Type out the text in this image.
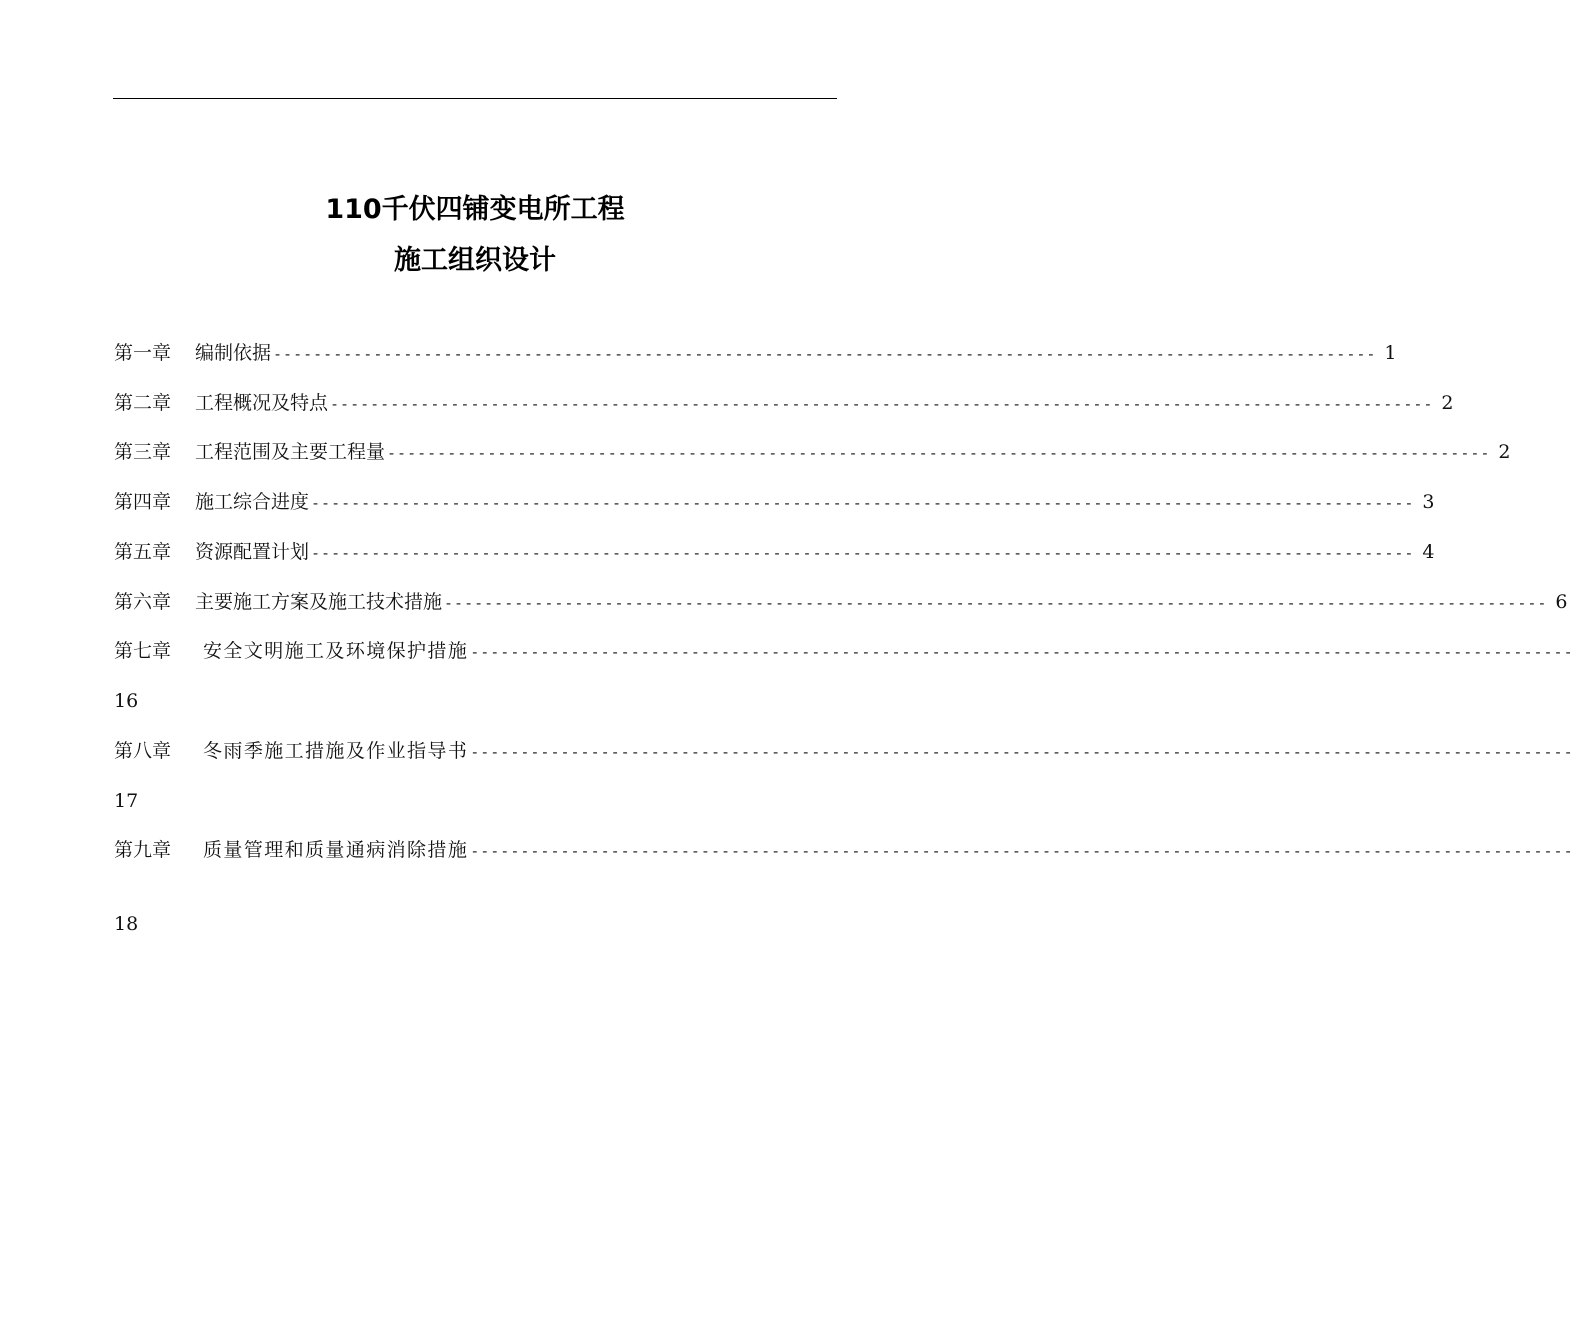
110千伏四铺变电所工程
施工组织设计
第一章 编制依据 -------------------------------------------------------------------------------------------------------------- 1
第二章 工程概况及特点 -------------------------------------------------------------------------------------------------------------- 2
第三章 工程范围及主要工程量 -------------------------------------------------------------------------------------------------------------- 2
第四章 施工综合进度 -------------------------------------------------------------------------------------------------------------- 3
第五章 资源配置计划 -------------------------------------------------------------------------------------------------------------- 4
第六章 主要施工方案及施工技术措施 -------------------------------------------------------------------------------------------------------------- 6
第七章 安全文明施工及环境保护措施 --------------------------------------------------------------------------------------------------------------
16
第八章 冬雨季施工措施及作业指导书 --------------------------------------------------------------------------------------------------------------
17
第九章 质量管理和质量通病消除措施 --------------------------------------------------------------------------------------------------------------
18
